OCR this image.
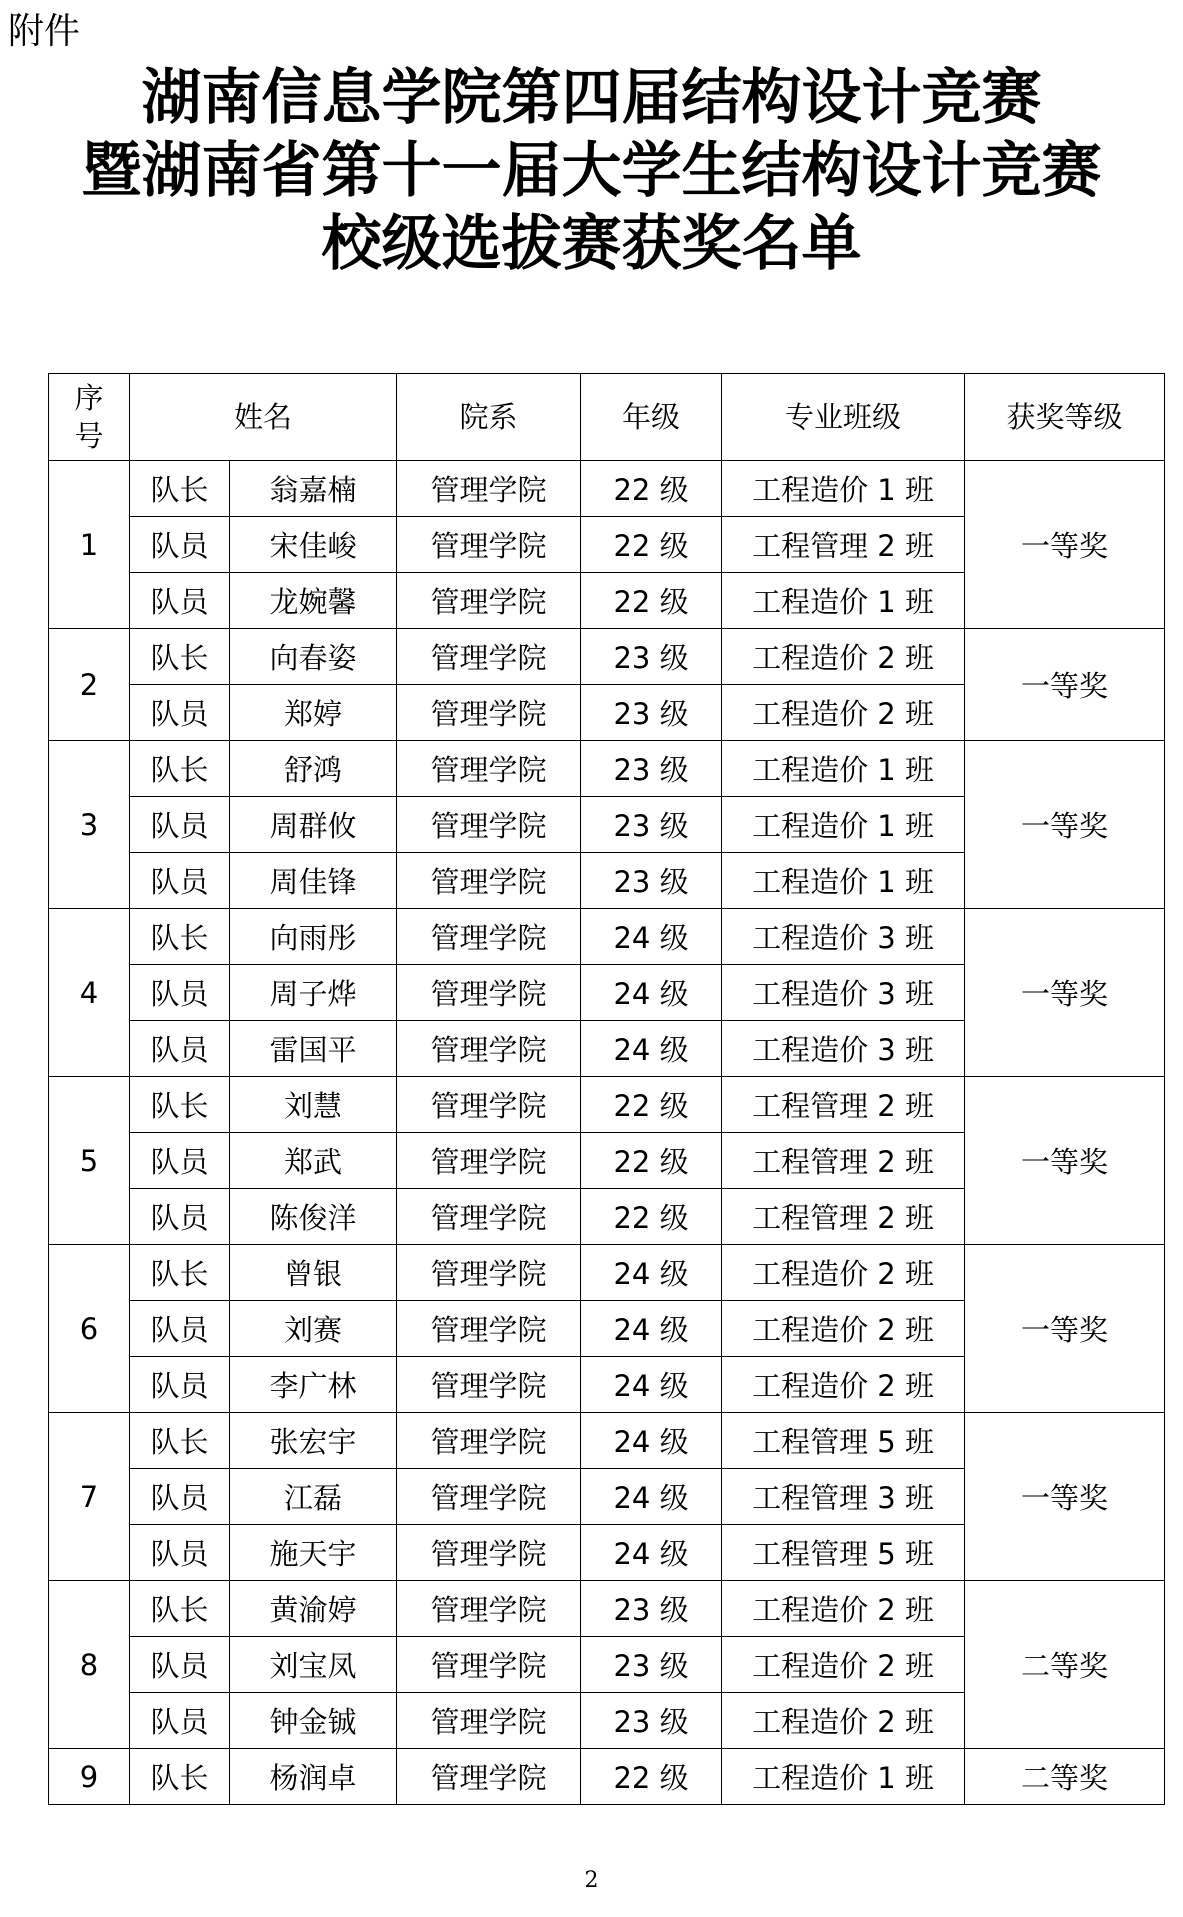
附件
湖南信息学院第四届结构设计竞赛
暨湖南省第十一届大学生结构设计竞赛
校级选拔赛获奖名单
序
号	姓名		院系	年级	专业班级	获奖等级
1	队长	翁嘉楠	管理学院	22 级	工程造价 1 班	一等奖
	队员	宋佳峻	管理学院	22 级	工程管理 2 班	
	队员	龙婉馨	管理学院	22 级	工程造价 1 班	
2	队长	向春姿	管理学院	23 级	工程造价 2 班	一等奖
	队员	郑婷	管理学院	23 级	工程造价 2 班	
3	队长	舒鸿	管理学院	23 级	工程造价 1 班	一等奖
	队员	周群攸	管理学院	23 级	工程造价 1 班	
	队员	周佳锋	管理学院	23 级	工程造价 1 班	
4	队长	向雨彤	管理学院	24 级	工程造价 3 班	一等奖
	队员	周子烨	管理学院	24 级	工程造价 3 班	
	队员	雷国平	管理学院	24 级	工程造价 3 班	
5	队长	刘慧	管理学院	22 级	工程管理 2 班	一等奖
	队员	郑武	管理学院	22 级	工程管理 2 班	
	队员	陈俊洋	管理学院	22 级	工程管理 2 班	
6	队长	曾银	管理学院	24 级	工程造价 2 班	一等奖
	队员	刘赛	管理学院	24 级	工程造价 2 班	
	队员	李广林	管理学院	24 级	工程造价 2 班	
7	队长	张宏宇	管理学院	24 级	工程管理 5 班	一等奖
	队员	江磊	管理学院	24 级	工程管理 3 班	
	队员	施天宇	管理学院	24 级	工程管理 5 班	
8	队长	黄渝婷	管理学院	23 级	工程造价 2 班	二等奖
	队员	刘宝凤	管理学院	23 级	工程造价 2 班	
	队员	钟金铖	管理学院	23 级	工程造价 2 班	
9	队长	杨润卓	管理学院	22 级	工程造价 1 班	二等奖
2
